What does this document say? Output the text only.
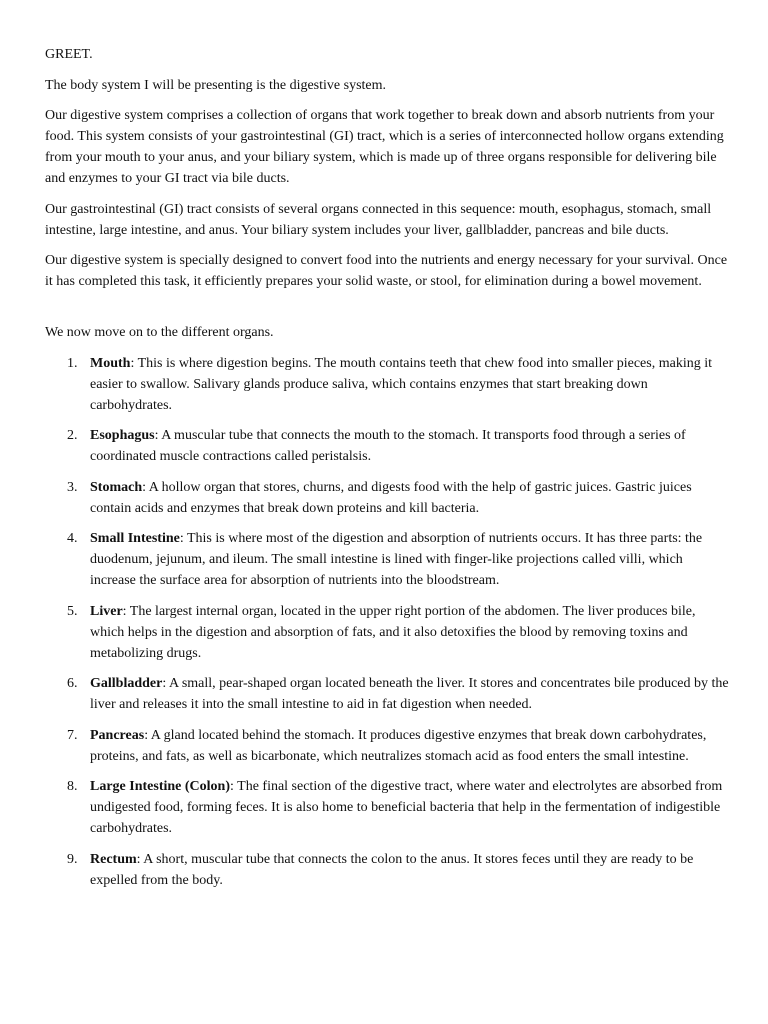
GREET.

The body system I will be presenting is the digestive system.

Our digestive system comprises a collection of organs that work together to break down and absorb nutrients from your food. This system consists of your gastrointestinal (GI) tract, which is a series of interconnected hollow organs extending from your mouth to your anus, and your biliary system, which is made up of three organs responsible for delivering bile and enzymes to your GI tract via bile ducts.

Our gastrointestinal (GI) tract consists of several organs connected in this sequence: mouth, esophagus, stomach, small intestine, large intestine, and anus. Your biliary system includes your liver, gallbladder, pancreas and bile ducts.

Our digestive system is specially designed to convert food into the nutrients and energy necessary for your survival. Once it has completed this task, it efficiently prepares your solid waste, or stool, for elimination during a bowel movement.

We now move on to the different organs.

1. Mouth: This is where digestion begins. The mouth contains teeth that chew food into smaller pieces, making it easier to swallow. Salivary glands produce saliva, which contains enzymes that start breaking down carbohydrates.
2. Esophagus: A muscular tube that connects the mouth to the stomach. It transports food through a series of coordinated muscle contractions called peristalsis.
3. Stomach: A hollow organ that stores, churns, and digests food with the help of gastric juices. Gastric juices contain acids and enzymes that break down proteins and kill bacteria.
4. Small Intestine: This is where most of the digestion and absorption of nutrients occurs. It has three parts: the duodenum, jejunum, and ileum. The small intestine is lined with finger-like projections called villi, which increase the surface area for absorption of nutrients into the bloodstream.
5. Liver: The largest internal organ, located in the upper right portion of the abdomen. The liver produces bile, which helps in the digestion and absorption of fats, and it also detoxifies the blood by removing toxins and metabolizing drugs.
6. Gallbladder: A small, pear-shaped organ located beneath the liver. It stores and concentrates bile produced by the liver and releases it into the small intestine to aid in fat digestion when needed.
7. Pancreas: A gland located behind the stomach. It produces digestive enzymes that break down carbohydrates, proteins, and fats, as well as bicarbonate, which neutralizes stomach acid as food enters the small intestine.
8. Large Intestine (Colon): The final section of the digestive tract, where water and electrolytes are absorbed from undigested food, forming feces. It is also home to beneficial bacteria that help in the fermentation of indigestible carbohydrates.
9. Rectum: A short, muscular tube that connects the colon to the anus. It stores feces until they are ready to be expelled from the body.
